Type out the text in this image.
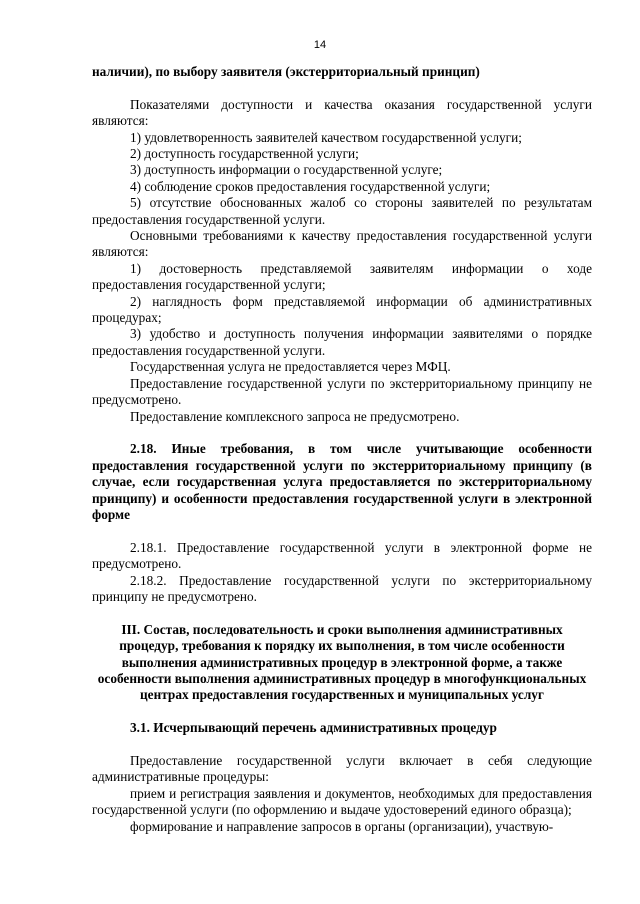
14

наличии), по выбору заявителя (экстерриториальный принцип)

Показателями доступности и качества оказания государственной услуги являются:

1) удовлетворенность заявителей качеством государственной услуги;

2) доступность государственной услуги;

3) доступность информации о государственной услуге;

4) соблюдение сроков предоставления государственной услуги;

5) отсутствие обоснованных жалоб со стороны заявителей по результатам предоставления государственной услуги.

Основными требованиями к качеству предоставления государственной услуги являются:

1) достоверность представляемой заявителям информации о ходе предоставления государственной услуги;

2) наглядность форм представляемой информации об административных процедурах;

3) удобство и доступность получения информации заявителями о порядке предоставления государственной услуги.

Государственная услуга не предоставляется через МФЦ.

Предоставление государственной услуги по экстерриториальному принципу не предусмотрено.

Предоставление комплексного запроса не предусмотрено.

2.18. Иные требования, в том числе учитывающие особенности предоставления государственной услуги по экстерриториальному принципу (в случае, если государственная услуга предоставляется по экстерриториальному принципу) и особенности предоставления государственной услуги в электронной форме

2.18.1. Предоставление государственной услуги в электронной форме не предусмотрено.

2.18.2. Предоставление государственной услуги по экстерриториальному принципу не предусмотрено.

III. Состав, последовательность и сроки выполнения административных процедур, требования к порядку их выполнения, в том числе особенности выполнения административных процедур в электронной форме, а также особенности выполнения административных процедур в многофункциональных центрах предоставления государственных и муниципальных услуг

3.1. Исчерпывающий перечень административных процедур

Предоставление государственной услуги включает в себя следующие административные процедуры:

прием и регистрация заявления и документов, необходимых для предоставления государственной услуги (по оформлению и выдаче удостоверений единого образца);

формирование и направление запросов в органы (организации), участвую-
